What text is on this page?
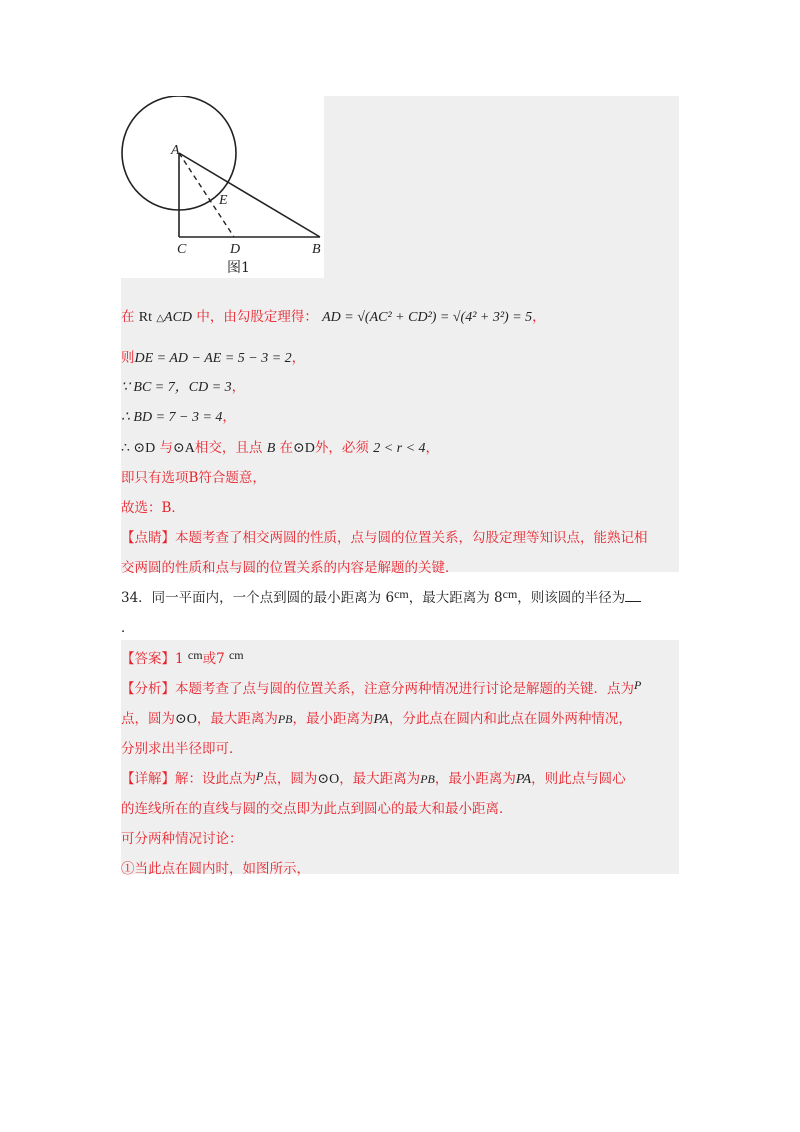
A
E
C	D	B
图1
在 Rt △ACD 中，由勾股定理得： AD = √(AC² + CD²) = √(4² + 3²) = 5，
则DE = AD − AE = 5 − 3 = 2，
∵ BC = 7，CD = 3，
∴ BD = 7 − 3 = 4，
∴ ⊙D 与⊙A相交，且点 B 在⊙D外，必须 2 < r < 4，
即只有选项B符合题意，
故选：B．
【点睛】本题考查了相交两圆的性质，点与圆的位置关系，勾股定理等知识点，能熟记相
交两圆的性质和点与圆的位置关系的内容是解题的关键．
34．同一平面内，一个点到圆的最小距离为 6cm，最大距离为 8cm，则该圆的半径为
．
【答案】1 cm或7 cm
【分析】本题考查了点与圆的位置关系，注意分两种情况进行讨论是解题的关键．点为P
点，圆为⊙O，最大距离为PB，最小距离为PA，分此点在圆内和此点在圆外两种情况，
分别求出半径即可．
【详解】解：设此点为P点，圆为⊙O，最大距离为PB，最小距离为PA，则此点与圆心
的连线所在的直线与圆的交点即为此点到圆心的最大和最小距离．
可分两种情况讨论：
①当此点在圆内时，如图所示，
